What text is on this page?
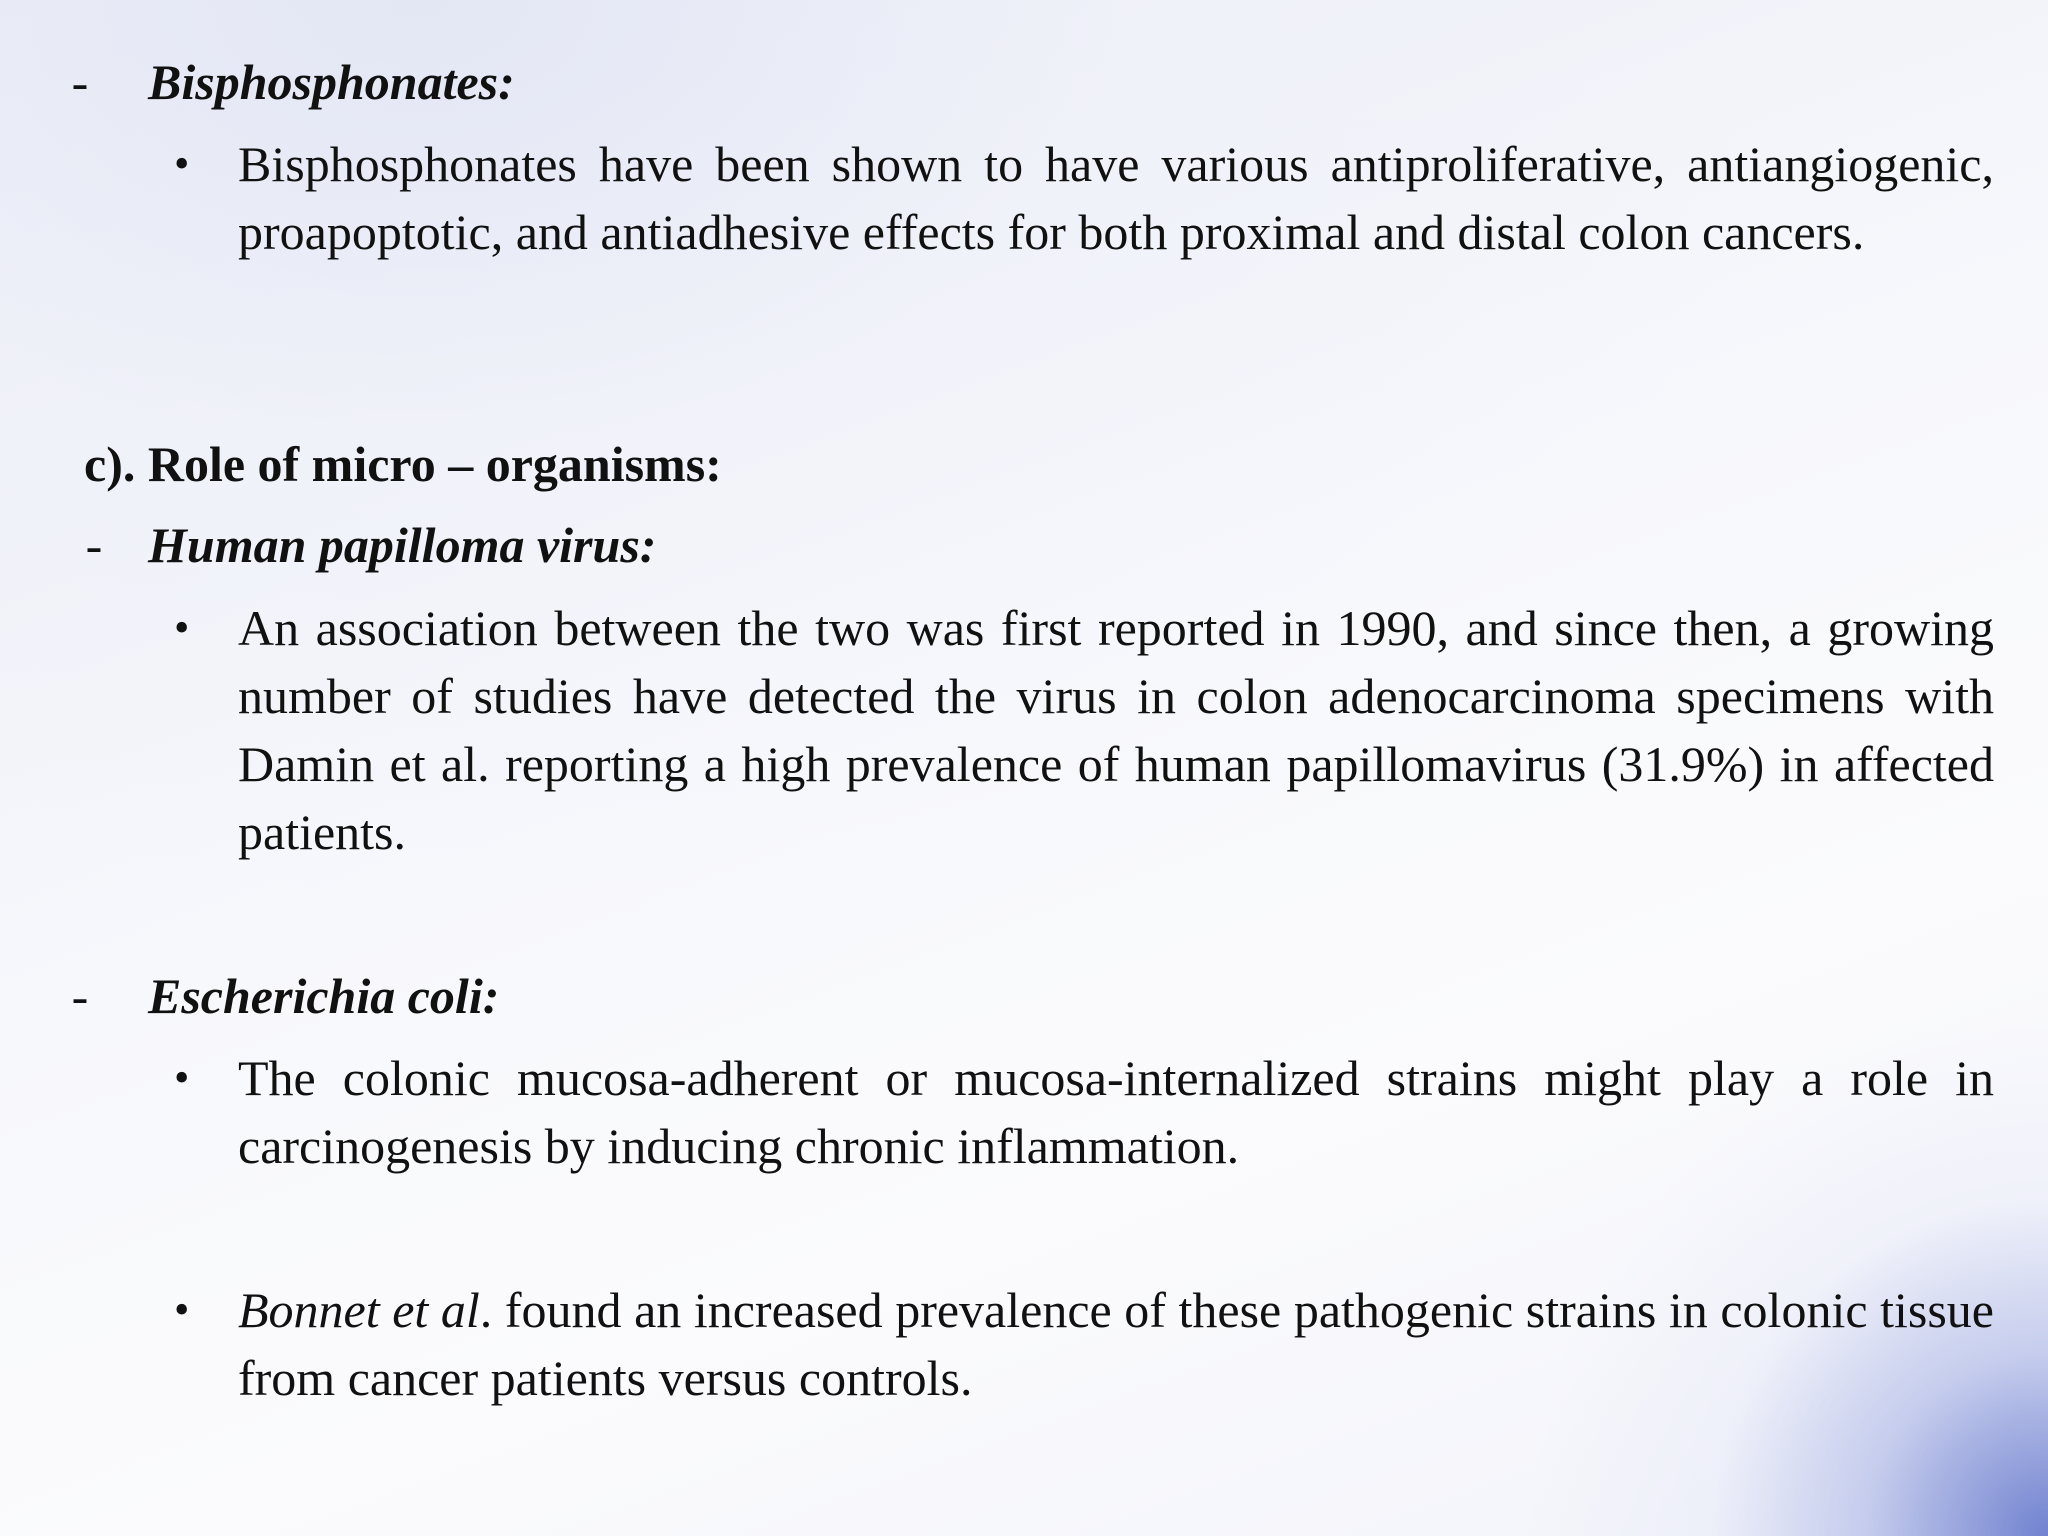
- Bisphosphonates:
• Bisphosphonates have been shown to have various antiproliferative, antiangiogenic, proapoptotic, and antiadhesive effects for both proximal and distal colon cancers.
c). Role of micro – organisms:
- Human papilloma virus:
• An association between the two was first reported in 1990, and since then, a growing number of studies have detected the virus in colon adenocarcinoma specimens with Damin et al. reporting a high prevalence of human papillomavirus (31.9%) in affected patients.
- Escherichia coli:
• The colonic mucosa-adherent or mucosa-internalized strains might play a role in carcinogenesis by inducing chronic inflammation.
• Bonnet et al. found an increased prevalence of these pathogenic strains in colonic tissue from cancer patients versus controls.
